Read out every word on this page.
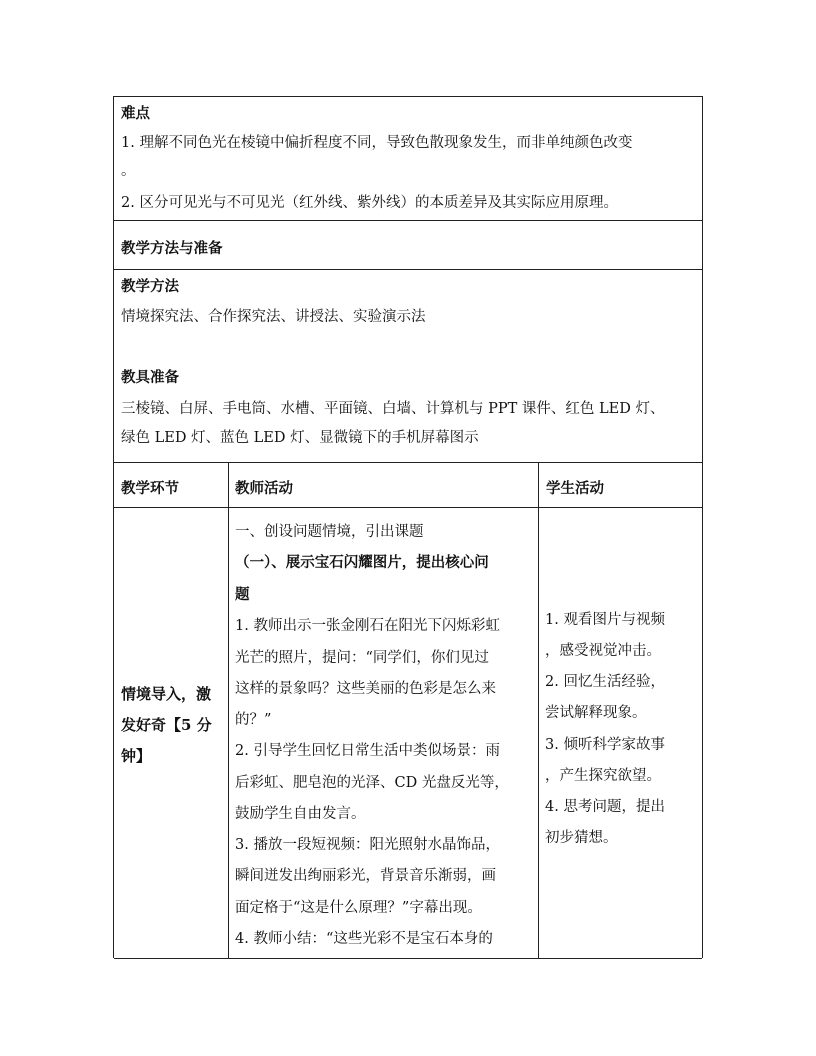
难点
1. 理解不同色光在棱镜中偏折程度不同，导致色散现象发生，而非单纯颜色改变
。
2. 区分可见光与不可见光（红外线、紫外线）的本质差异及其实际应用原理。
教学方法与准备
教学方法
情境探究法、合作探究法、讲授法、实验演示法
教具准备
三棱镜、白屏、手电筒、水槽、平面镜、白墙、计算机与 PPT 课件、红色 LED 灯、
绿色 LED 灯、蓝色 LED 灯、显微镜下的手机屏幕图示
教学环节	教师活动	学生活动
情境导入，激
发好奇【5 分
钟】
一、创设问题情境，引出课题
（一）、展示宝石闪耀图片，提出核心问
题
1. 教师出示一张金刚石在阳光下闪烁彩虹
光芒的照片，提问：“同学们，你们见过
这样的景象吗？这些美丽的色彩是怎么来
的？”
2. 引导学生回忆日常生活中类似场景：雨
后彩虹、肥皂泡的光泽、CD 光盘反光等，
鼓励学生自由发言。
3. 播放一段短视频：阳光照射水晶饰品，
瞬间迸发出绚丽彩光，背景音乐渐弱，画
面定格于“这是什么原理？”字幕出现。
4. 教师小结：“这些光彩不是宝石本身的
1. 观看图片与视频
，感受视觉冲击。
2. 回忆生活经验，
尝试解释现象。
3. 倾听科学家故事
，产生探究欲望。
4. 思考问题，提出
初步猜想。
